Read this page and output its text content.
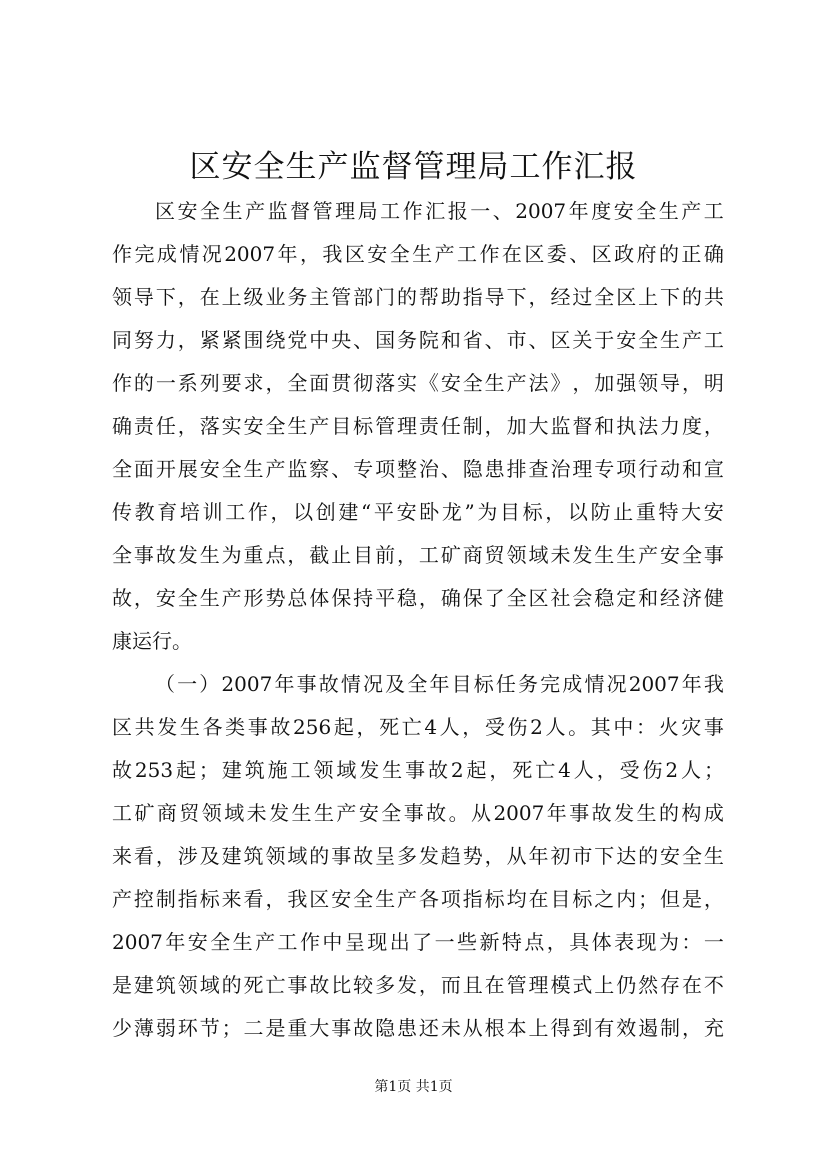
区安全生产监督管理局工作汇报
区 安 全 生 产 监 督 管 理 局 工 作 汇 报 一 、 2007 年 度 安 全 生 产 工
作 完 成 情 况 2007 年 ， 我 区 安 全 生 产 工 作 在 区 委 、 区 政 府 的 正 确
领 导 下 ， 在 上 级 业 务 主 管 部 门 的 帮 助 指 导 下 ， 经 过 全 区 上 下 的 共
同 努 力 ， 紧 紧 围 绕 党 中 央 、 国 务 院 和 省 、 市 、 区 关 于 安 全 生 产 工
作 的 一 系 列 要 求 ， 全 面 贯 彻 落 实 《 安 全 生 产 法 》 ， 加 强 领 导 ， 明
确 责 任 ， 落 实 安 全 生 产 目 标 管 理 责 任 制 ， 加 大 监 督 和 执 法 力 度 ，
全 面 开 展 安 全 生 产 监 察 、 专 项 整 治 、 隐 患 排 查 治 理 专 项 行 动 和 宣
传 教 育 培 训 工 作 ， 以 创 建 “ 平 安 卧 龙 ” 为 目 标 ， 以 防 止 重 特 大 安
全 事 故 发 生 为 重 点 ， 截 止 目 前 ， 工 矿 商 贸 领 域 未 发 生 生 产 安 全 事
故 ， 安 全 生 产 形 势 总 体 保 持 平 稳 ， 确 保 了 全 区 社 会 稳 定 和 经 济 健
康运行。
（ 一 ） 2007 年 事 故 情 况 及 全 年 目 标 任 务 完 成 情 况 2007 年 我
区 共 发 生 各 类 事 故 256 起 ， 死 亡 4 人 ， 受 伤 2 人 。 其 中 ： 火 灾 事
故 253 起 ； 建 筑 施 工 领 域 发 生 事 故 2 起 ， 死 亡 4 人 ， 受 伤 2 人 ；
工 矿 商 贸 领 域 未 发 生 生 产 安 全 事 故 。 从 2007 年 事 故 发 生 的 构 成
来 看 ， 涉 及 建 筑 领 域 的 事 故 呈 多 发 趋 势 ， 从 年 初 市 下 达 的 安 全 生
产 控 制 指 标 来 看 ， 我 区 安 全 生 产 各 项 指 标 均 在 目 标 之 内 ； 但 是 ，
2007 年 安 全 生 产 工 作 中 呈 现 出 了 一 些 新 特 点 ， 具 体 表 现 为 ： 一
是 建 筑 领 域 的 死 亡 事 故 比 较 多 发 ， 而 且 在 管 理 模 式 上 仍 然 存 在 不
少 薄 弱 环 节 ； 二 是 重 大 事 故 隐 患 还 未 从 根 本 上 得 到 有 效 遏 制 ， 充
第1页 共1页
